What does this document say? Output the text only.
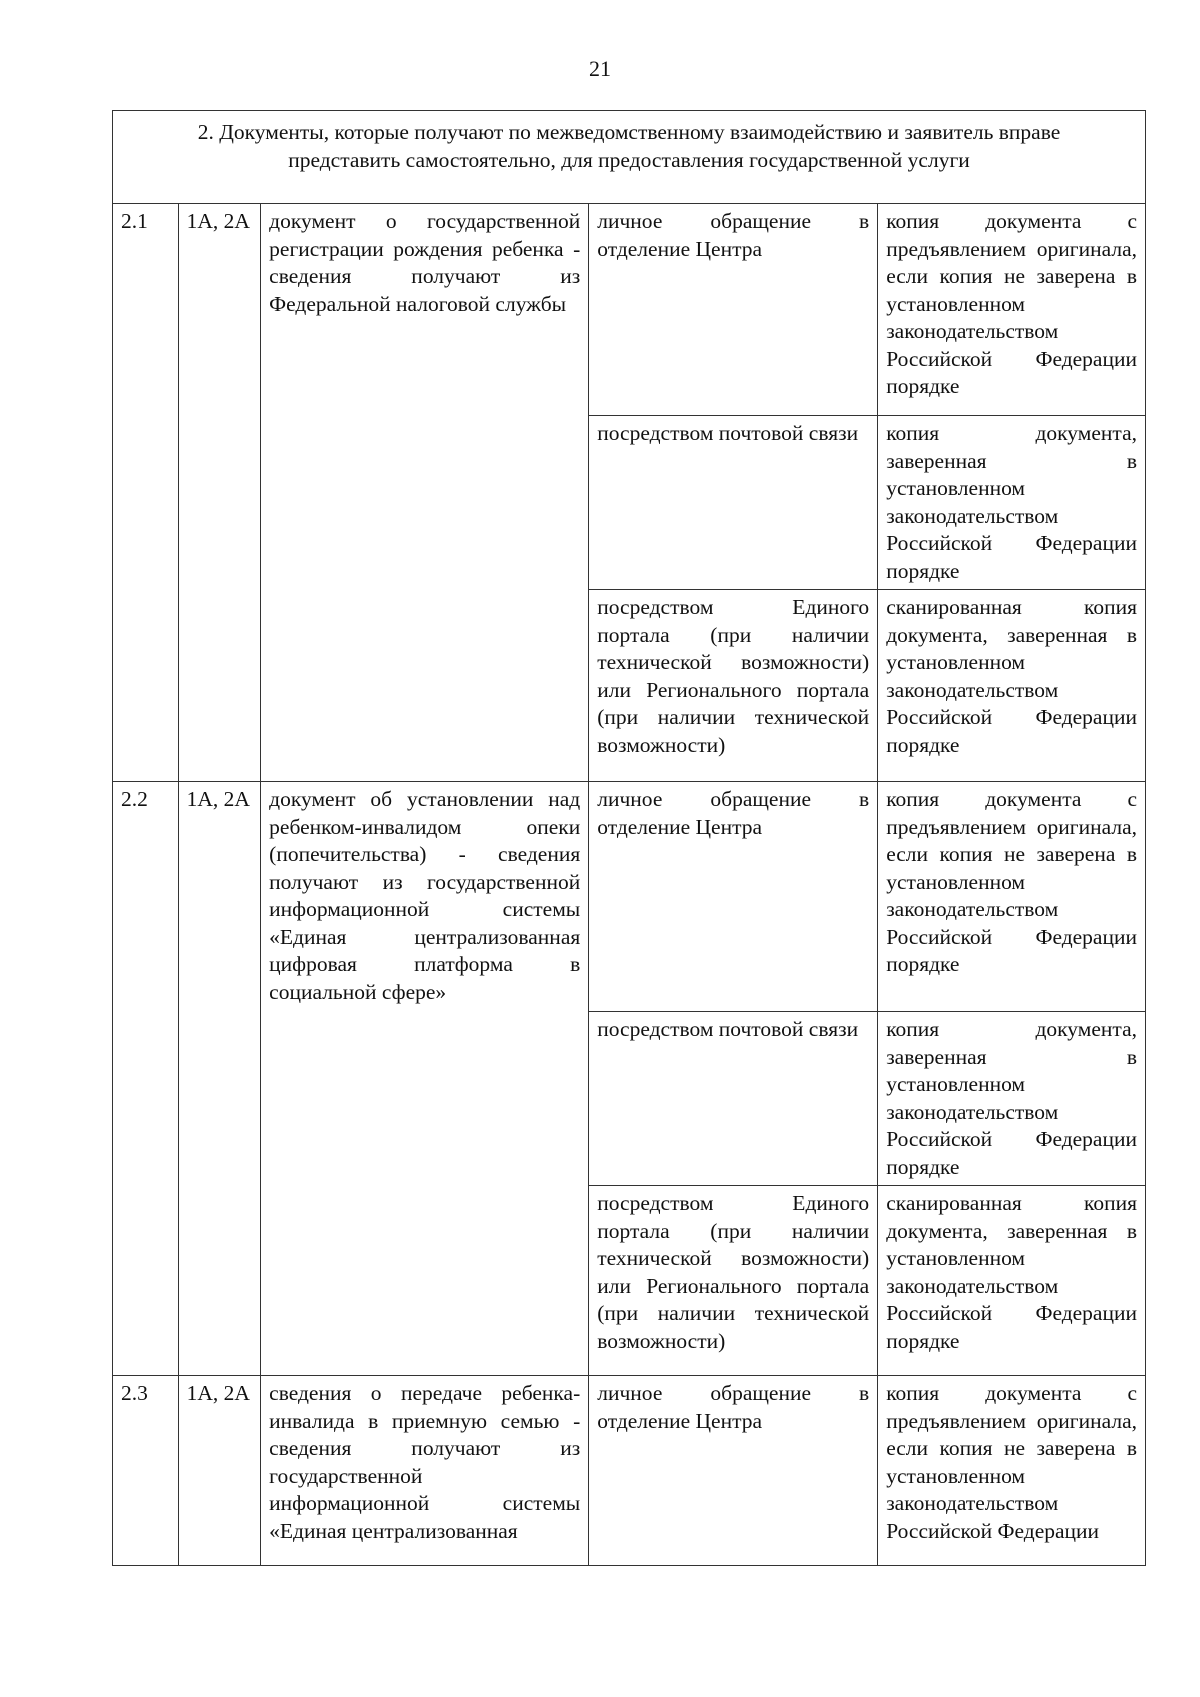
21
2. Документы, которые получают по межведомственному взаимодействию и заявитель вправе представить самостоятельно, для предоставления государственной услуги				
2.1	1А, 2А	документ о государственной регистрации рождения ребенка - сведения получают из Федеральной налоговой службы	личное обращение в отделение Центра	копия документа с предъявлением оригинала, если копия не заверена в установленном законодательством Российской Федерации порядке
			посредством почтовой связи	копия документа, заверенная в установленном законодательством Российской Федерации порядке
			посредством Единого портала (при наличии технической возможности) или Регионального портала (при наличии технической возможности)	сканированная копия документа, заверенная в установленном законодательством Российской Федерации порядке
2.2	1А, 2А	документ об установлении над ребенком-инвалидом опеки (попечительства) - сведения получают из государственной информационной системы «Единая централизованная цифровая платформа в социальной сфере»	личное обращение в отделение Центра	копия документа с предъявлением оригинала, если копия не заверена в установленном законодательством Российской Федерации порядке
			посредством почтовой связи	копия документа, заверенная в установленном законодательством Российской Федерации порядке
			посредством Единого портала (при наличии технической возможности) или Регионального портала (при наличии технической возможности)	сканированная копия документа, заверенная в установленном законодательством Российской Федерации порядке
2.3	1А, 2А	сведения о передаче ребенка-инвалида в приемную семью - сведения получают из государственной информационной системы «Единая централизованная	личное обращение в отделение Центра	копия документа с предъявлением оригинала, если копия не заверена в установленном законодательством Российской Федерации
